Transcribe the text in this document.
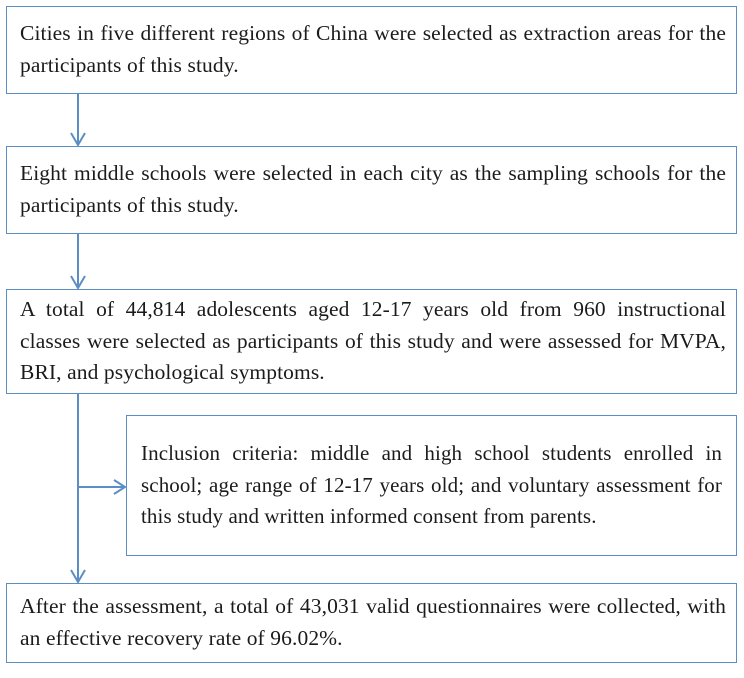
Cities in five different regions of China were selected as extraction areas for the participants of this study.
Eight middle schools were selected in each city as the sampling schools for the participants of this study.
A total of 44,814 adolescents aged 12-17 years old from 960 instructional classes were selected as participants of this study and were assessed for MVPA, BRI, and psychological symptoms.
Inclusion criteria: middle and high school students enrolled in school; age range of 12-17 years old; and voluntary assessment for this study and written informed consent from parents.
After the assessment, a total of 43,031 valid questionnaires were collected, with an effective recovery rate of 96.02%.
